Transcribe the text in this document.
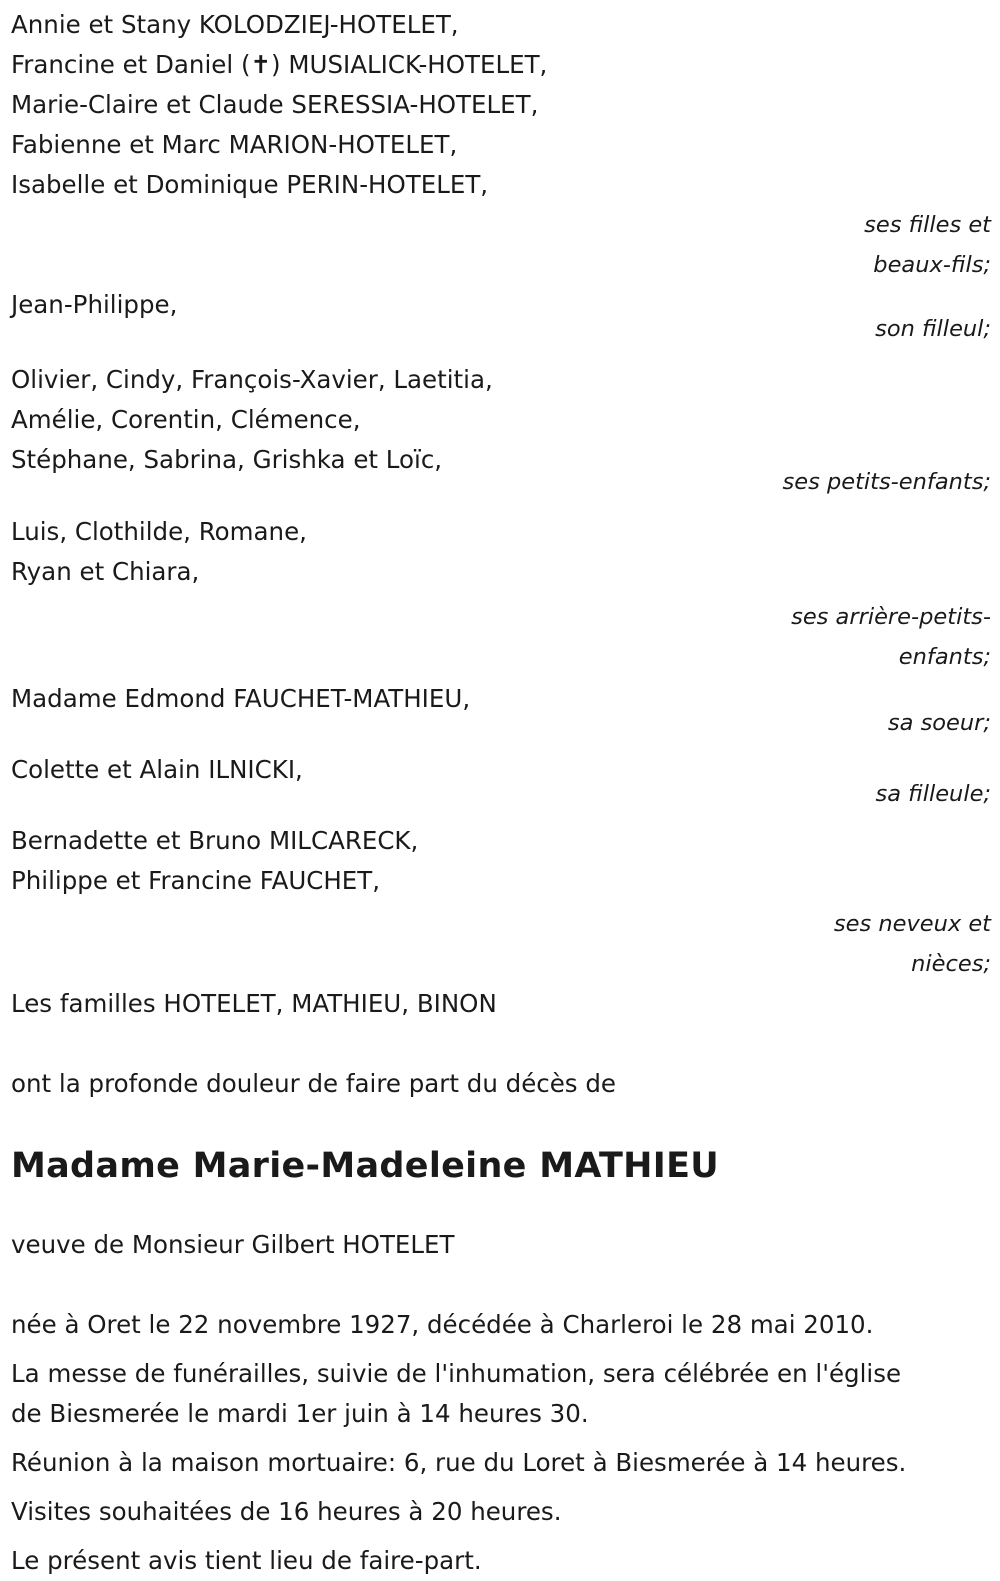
Annie et Stany KOLODZIEJ-HOTELET,
Francine et Daniel (✝) MUSIALICK-HOTELET,
Marie-Claire et Claude SERESSIA-HOTELET,
Fabienne et Marc MARION-HOTELET,
Isabelle et Dominique PERIN-HOTELET,
ses filles et
beaux-fils;
Jean-Philippe,
son filleul;
Olivier, Cindy, François-Xavier, Laetitia,
Amélie, Corentin, Clémence,
Stéphane, Sabrina, Grishka et Loïc,
ses petits-enfants;
Luis, Clothilde, Romane,
Ryan et Chiara,
ses arrière-petits-
enfants;
Madame Edmond FAUCHET-MATHIEU,
sa soeur;
Colette et Alain ILNICKI,
sa filleule;
Bernadette et Bruno MILCARECK,
Philippe et Francine FAUCHET,
ses neveux et
nièces;
Les familles HOTELET, MATHIEU, BINON
ont la profonde douleur de faire part du décès de
Madame Marie-Madeleine MATHIEU
veuve de Monsieur Gilbert HOTELET
née à Oret le 22 novembre 1927, décédée à Charleroi le 28 mai 2010.
La messe de funérailles, suivie de l'inhumation, sera célébrée en l'église
de Biesmerée le mardi 1er juin à 14 heures 30.
Réunion à la maison mortuaire: 6, rue du Loret à Biesmerée à 14 heures.
Visites souhaitées de 16 heures à 20 heures.
Le présent avis tient lieu de faire-part.
